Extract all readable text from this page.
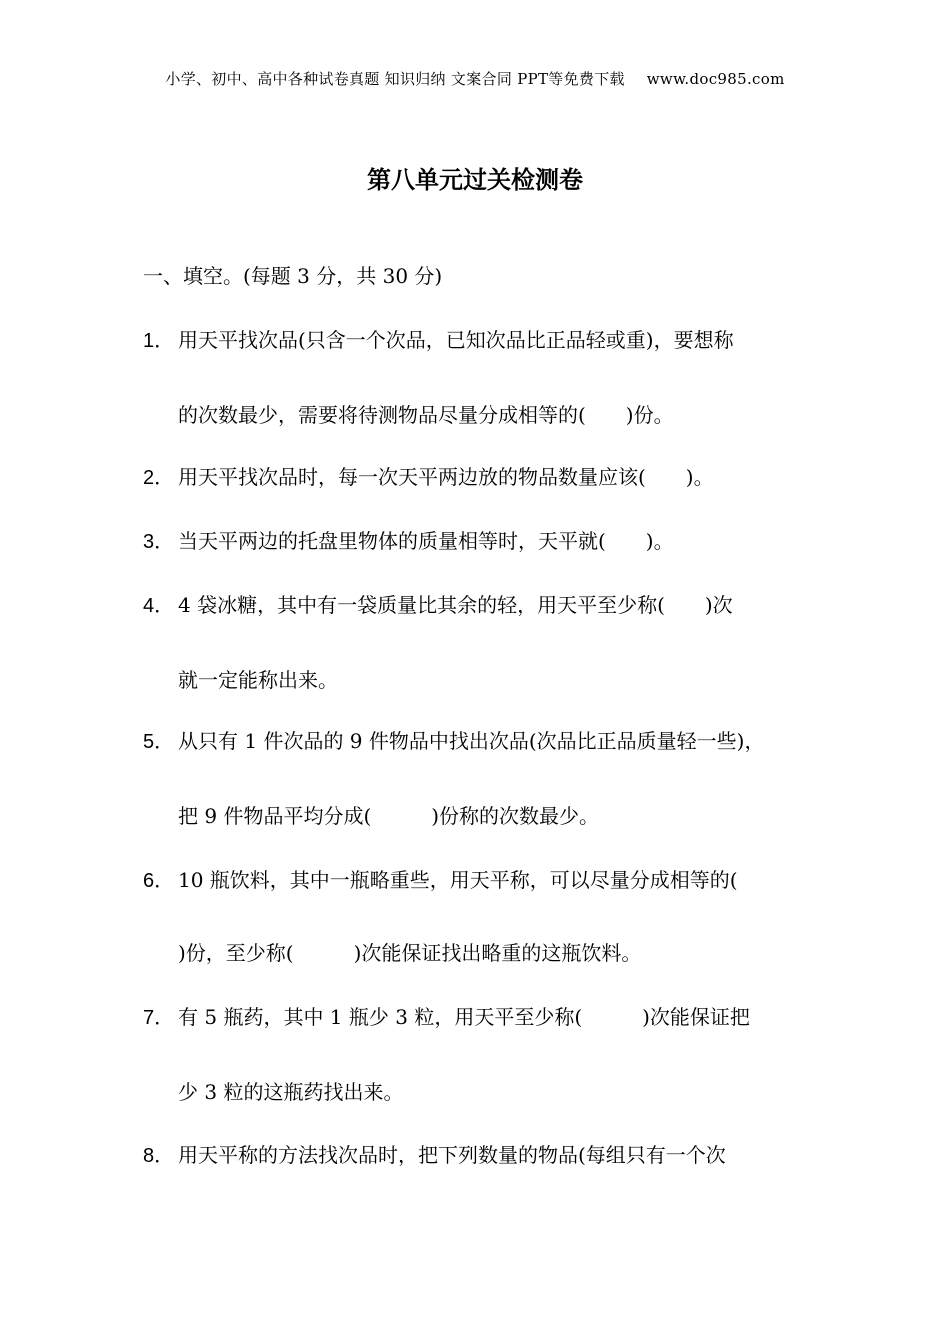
小学、初中、高中各种试卷真题 知识归纳 文案合同 PPT等免费下载 www.doc985.com
第八单元过关检测卷
一、填空。(每题 3 分，共 30 分)
1． 用天平找次品(只含一个次品，已知次品比正品轻或重)，要想称
的次数最少，需要将待测物品尽量分成相等的(　　)份。
2． 用天平找次品时，每一次天平两边放的物品数量应该(　　)。
3． 当天平两边的托盘里物体的质量相等时，天平就(　　)。
4． 4 袋冰糖，其中有一袋质量比其余的轻，用天平至少称(　　)次
就一定能称出来。
5． 从只有 1 件次品的 9 件物品中找出次品(次品比正品质量轻一些)，
把 9 件物品平均分成(　　　)份称的次数最少。
6． 10 瓶饮料，其中一瓶略重些，用天平称，可以尽量分成相等的(
)份，至少称(　　　)次能保证找出略重的这瓶饮料。
7． 有 5 瓶药，其中 1 瓶少 3 粒，用天平至少称(　　　)次能保证把
少 3 粒的这瓶药找出来。
8． 用天平称的方法找次品时，把下列数量的物品(每组只有一个次
